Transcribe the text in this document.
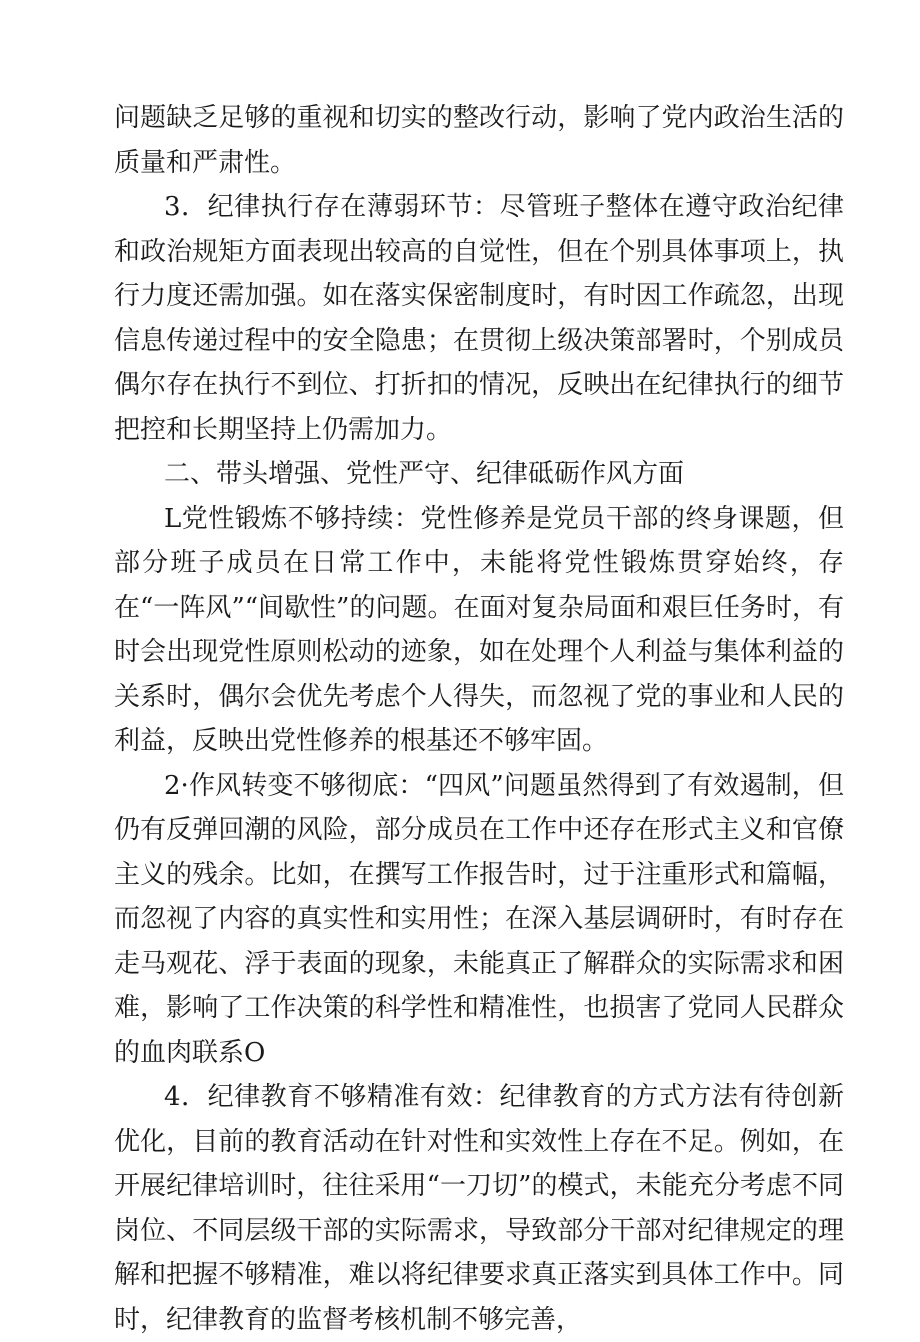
问题缺乏足够的重视和切实的整改行动，影响了党内政治生活的质量和严肃性。

3．纪律执行存在薄弱环节：尽管班子整体在遵守政治纪律和政治规矩方面表现出较高的自觉性，但在个别具体事项上，执行力度还需加强。如在落实保密制度时，有时因工作疏忽，出现信息传递过程中的安全隐患；在贯彻上级决策部署时，个别成员偶尔存在执行不到位、打折扣的情况，反映出在纪律执行的细节把控和长期坚持上仍需加力。

二、带头增强、党性严守、纪律砥砺作风方面

L党性锻炼不够持续：党性修养是党员干部的终身课题，但部分班子成员在日常工作中，未能将党性锻炼贯穿始终，存在“一阵风”“间歇性”的问题。在面对复杂局面和艰巨任务时，有时会出现党性原则松动的迹象，如在处理个人利益与集体利益的关系时，偶尔会优先考虑个人得失，而忽视了党的事业和人民的利益，反映出党性修养的根基还不够牢固。

2·作风转变不够彻底：“四风”问题虽然得到了有效遏制，但仍有反弹回潮的风险，部分成员在工作中还存在形式主义和官僚主义的残余。比如，在撰写工作报告时，过于注重形式和篇幅，而忽视了内容的真实性和实用性；在深入基层调研时，有时存在走马观花、浮于表面的现象，未能真正了解群众的实际需求和困难，影响了工作决策的科学性和精准性，也损害了党同人民群众的血肉联系O

4．纪律教育不够精准有效：纪律教育的方式方法有待创新优化，目前的教育活动在针对性和实效性上存在不足。例如，在开展纪律培训时，往往采用“一刀切”的模式，未能充分考虑不同岗位、不同层级干部的实际需求，导致部分干部对纪律规定的理解和把握不够精准，难以将纪律要求真正落实到具体工作中。同时，纪律教育的监督考核机制不够完善，
